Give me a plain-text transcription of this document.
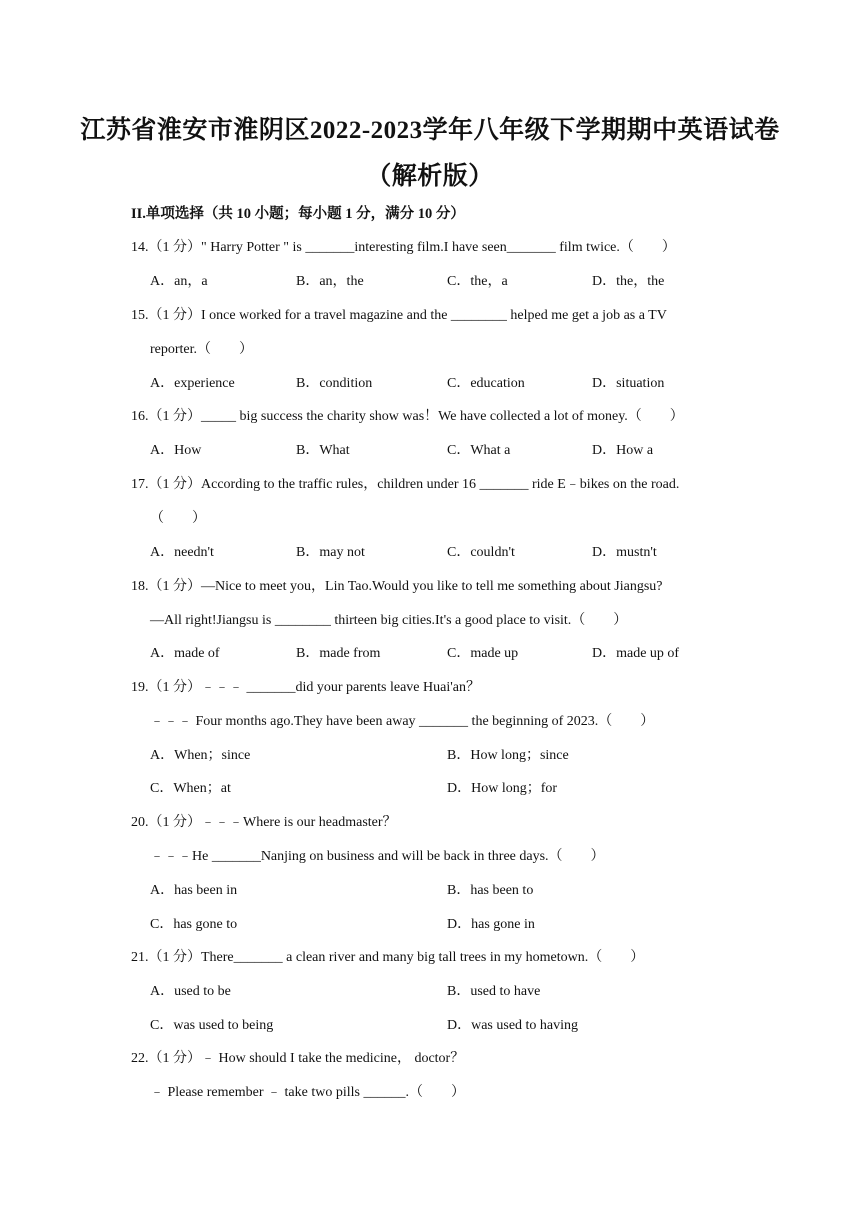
江苏省淮安市淮阴区2022-2023学年八年级下学期期中英语试卷
（解析版）
II.单项选择（共 10 小题；每小题 1 分，满分 10 分）
14.（1 分）" Harry Potter " is _______interesting film.I have seen_______ film twice.（　　）
A．an，a	B．an，the	C．the，a	D．the，the
15.（1 分）I once worked for a travel magazine and the ________ helped me get a job as a TV
reporter.（　　）
A．experience	B．condition	C．education	D．situation
16.（1 分）_____ big success the charity show was！We have collected a lot of money.（　　）
A．How	B．What	C．What a	D．How a
17.（1 分）According to the traffic rules，children under 16 _______ ride E﹣bikes on the road.
（　　）
A．needn't	B．may not	C．couldn't	D．mustn't
18.（1 分）—Nice to meet you，Lin Tao.Would you like to tell me something about Jiangsu?
—All right!Jiangsu is ________ thirteen big cities.It's a good place to visit.（　　）
A．made of	B．made from	C．made up	D．made up of
19.（1 分）﹣﹣﹣ _______did your parents leave Huai'an？
﹣﹣﹣ Four months ago.They have been away _______ the beginning of 2023.（　　）
A．When；since	B．How long；since
C．When；at	D．How long；for
20.（1 分）﹣﹣﹣Where is our headmaster？
﹣﹣﹣He _______Nanjing on business and will be back in three days.（　　）
A．has been in	B．has been to
C．has gone to	D．has gone in
21.（1 分）There_______ a clean river and many big tall trees in my hometown.（　　）
A．used to be	B．used to have
C．was used to being	D．was used to having
22.（1 分）﹣ How should I take the medicine， doctor？
﹣ Please remember ﹣ take two pills ______.（　　）
